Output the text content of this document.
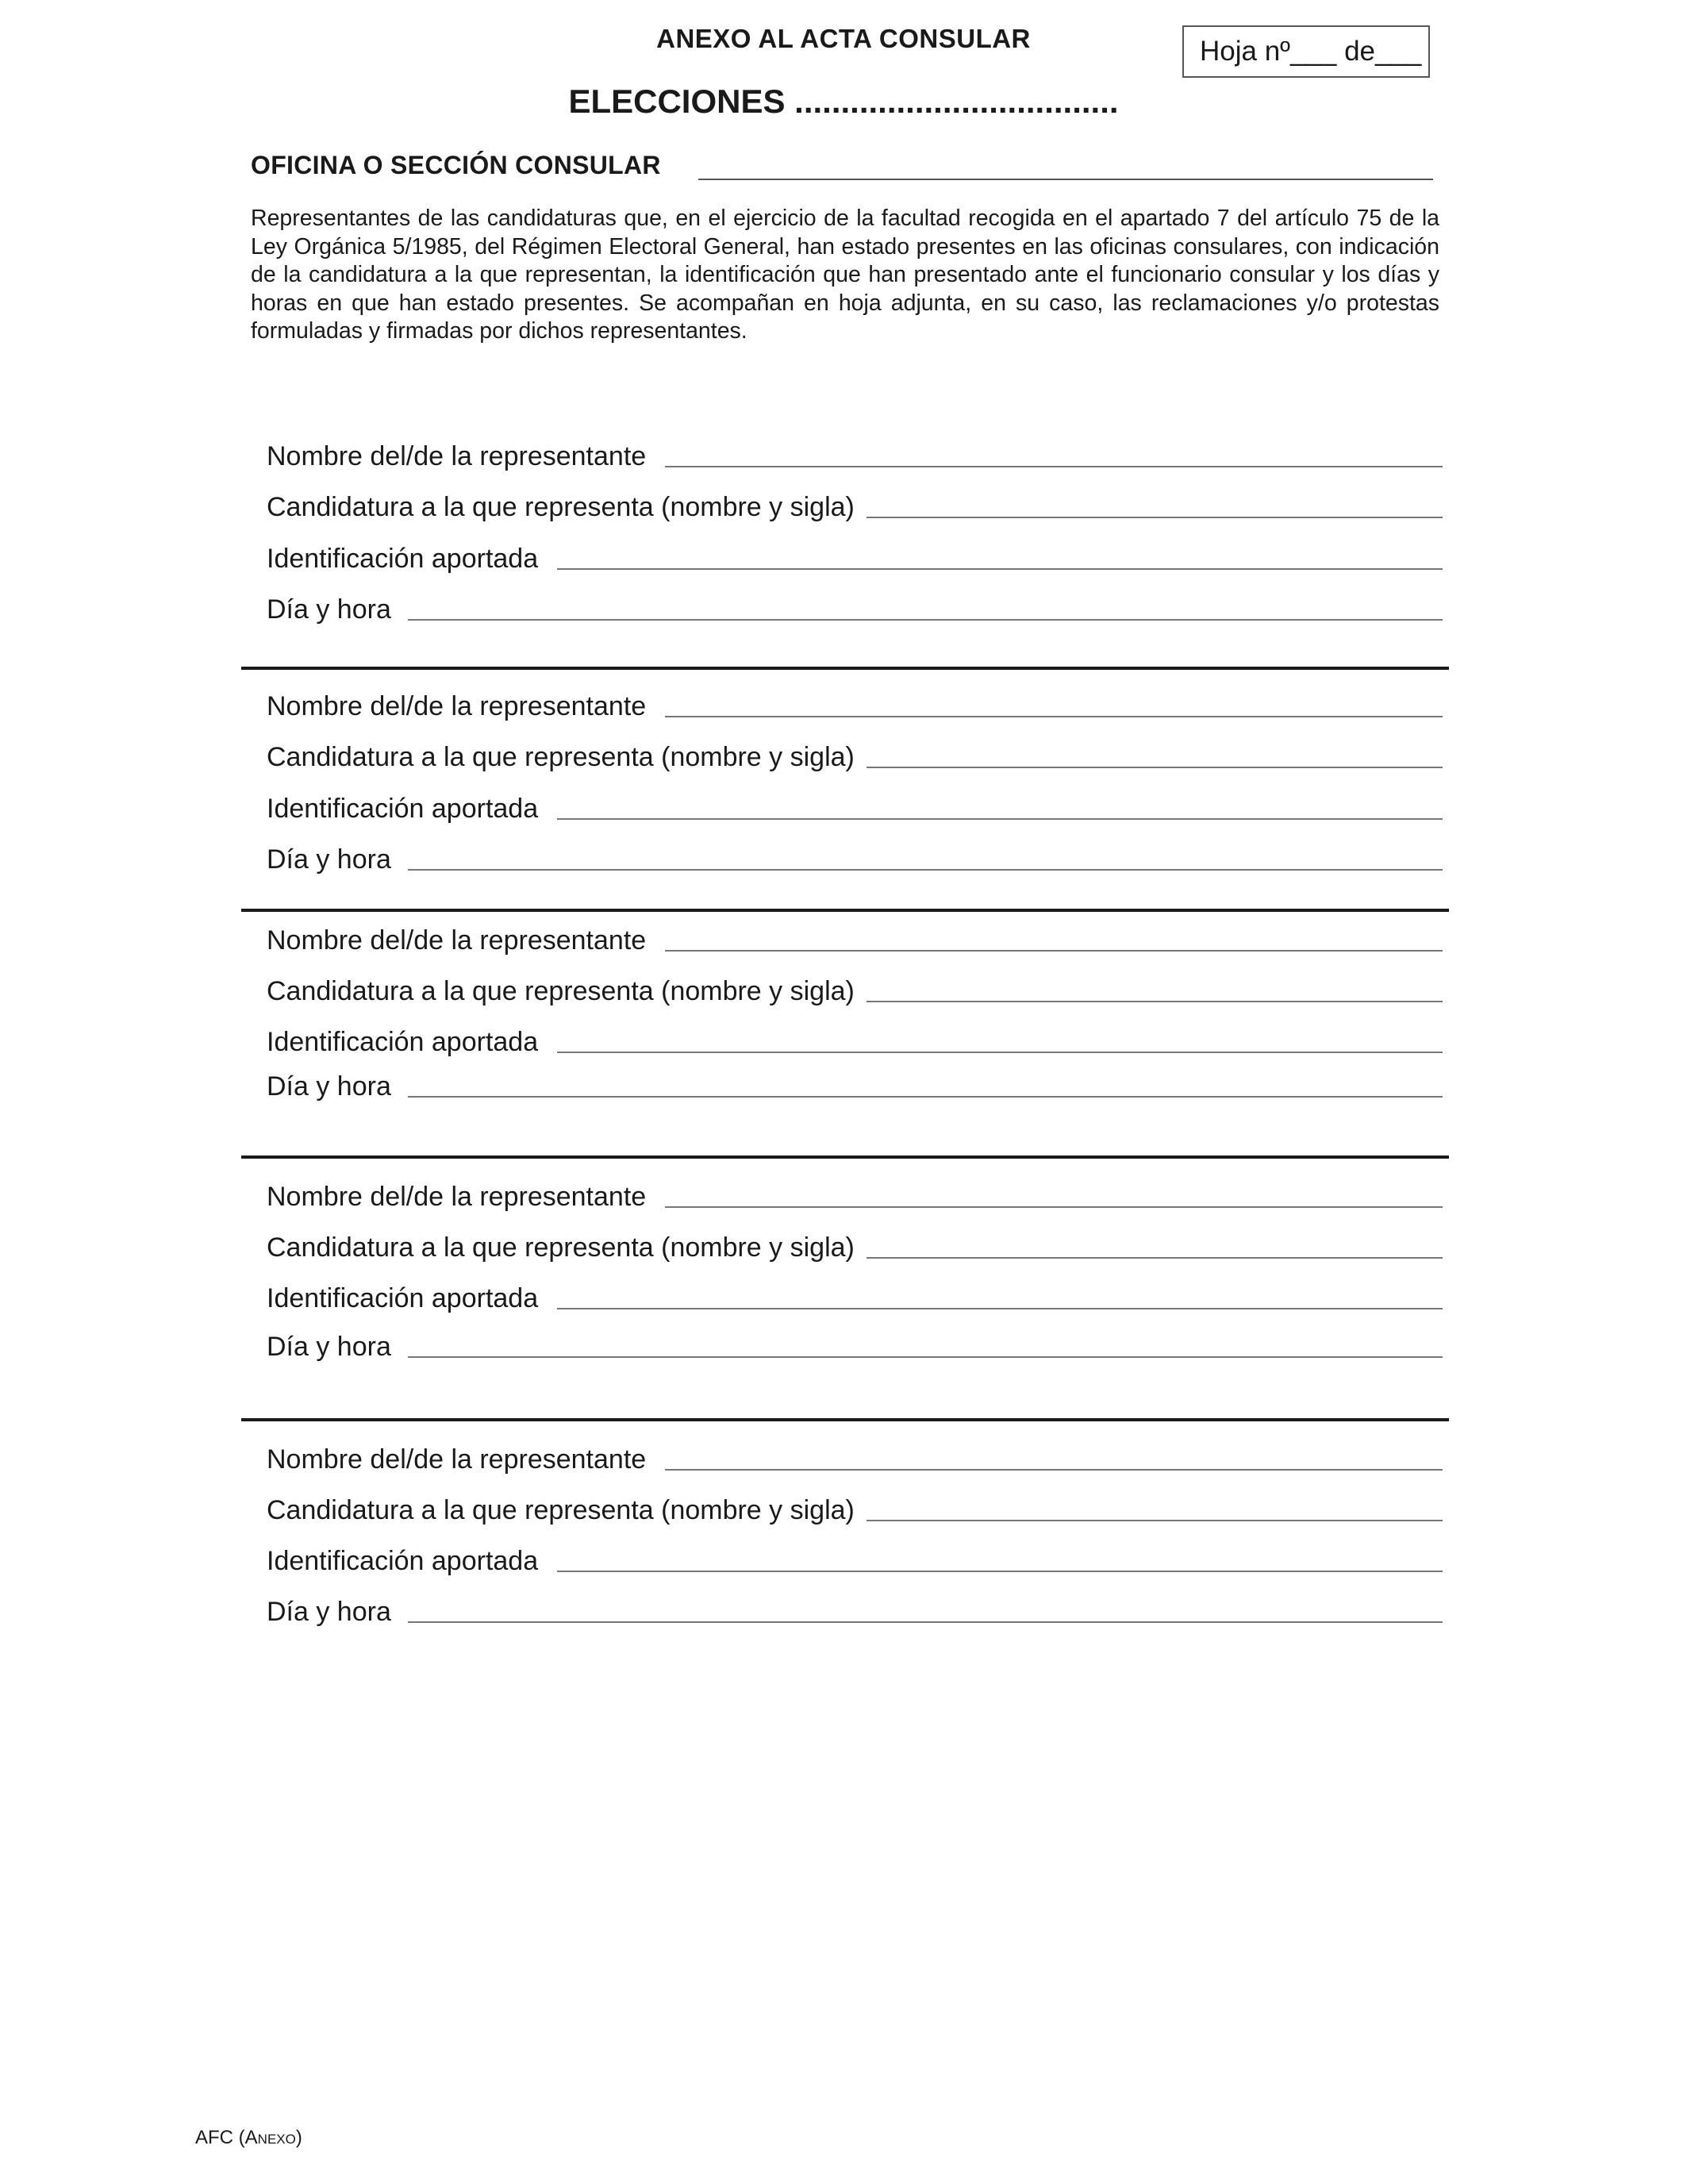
ANEXO AL ACTA CONSULAR	Hoja nº___ de___
ELECCIONES ...................................
OFICINA O SECCIÓN CONSULAR
Representantes de las candidaturas que, en el ejercicio de la facultad recogida en el apartado 7 del artículo 75 de la Ley Orgánica 5/1985, del Régimen Electoral General, han estado presentes en las oficinas consulares, con indicación de la candidatura a la que representan, la identificación que han presentado ante el funcionario consular y los días y horas en que han estado presentes. Se acompañan en hoja adjunta, en su caso, las reclamaciones y/o protestas formuladas y firmadas por dichos representantes.
Nombre del/de la representante
Candidatura a la que representa (nombre y sigla)
Identificación aportada
Día y hora
Nombre del/de la representante
Candidatura a la que representa (nombre y sigla)
Identificación aportada
Día y hora
Nombre del/de la representante
Candidatura a la que representa (nombre y sigla)
Identificación aportada
Día y hora
Nombre del/de la representante
Candidatura a la que representa (nombre y sigla)
Identificación aportada
Día y hora
Nombre del/de la representante
Candidatura a la que representa (nombre y sigla)
Identificación aportada
Día y hora
AFC (Anexo)
